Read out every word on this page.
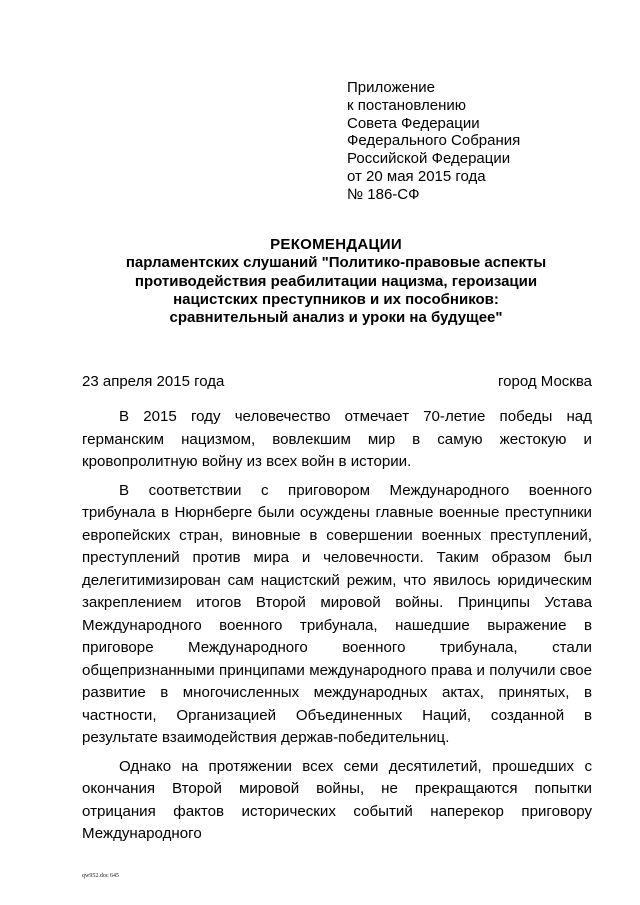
Приложение
к постановлению
Совета Федерации
Федерального Собрания
Российской Федерации
от 20 мая 2015 года
№ 186-СФ
РЕКОМЕНДАЦИИ
парламентских слушаний "Политико-правовые аспекты
противодействия реабилитации нацизма, героизации
нацистских преступников и их пособников:
сравнительный анализ и уроки на будущее"
23 апреля 2015 года	город Москва

В 2015 году человечество отмечает 70-летие победы над германским нацизмом, вовлекшим мир в самую жестокую и кровопролитную войну из всех войн в истории.

В соответствии с приговором Международного военного трибунала в Нюрнберге были осуждены главные военные преступники европейских стран, виновные в совершении военных преступлений, преступлений против мира и человечности. Таким образом был делегитимизирован сам нацистский режим, что явилось юридическим закреплением итогов Второй мировой войны. Принципы Устава Международного военного трибунала, нашедшие выражение в приговоре Международного военного трибунала, стали общепризнанными принципами международного права и получили свое развитие в многочисленных международных актах, принятых, в частности, Организацией Объединенных Наций, созданной в результате взаимодействия держав-победительниц.

Однако на протяжении всех семи десятилетий, прошедших с окончания Второй мировой войны, не прекращаются попытки отрицания фактов исторических событий наперекор приговору Международного

qw952.doc 645
